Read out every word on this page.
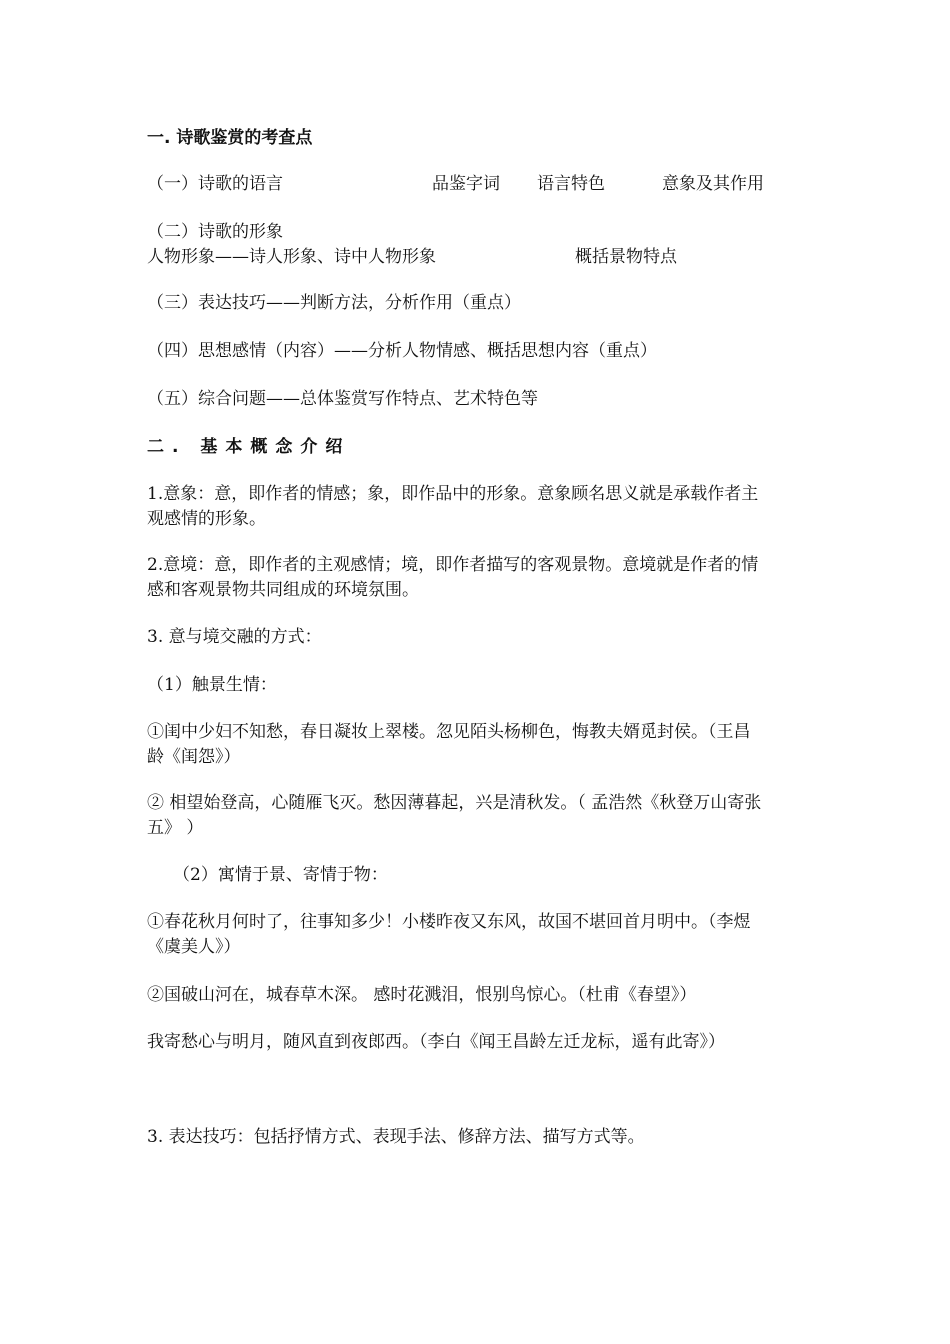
一. 诗歌鉴赏的考查点
（一）诗歌的语言	品鉴字词 语言特色	意象及其作用
（二）诗歌的形象
人物形象——诗人形象、诗中人物形象	概括景物特点
（三）表达技巧——判断方法，分析作用（重点）
（四）思想感情（内容）——分析人物情感、概括思想内容（重点）
（五）综合问题——总体鉴赏写作特点、艺术特色等
二. 基本概念介绍
1.意象：意，即作者的情感；象，即作品中的形象。意象顾名思义就是承载作者主
观感情的形象。
2.意境：意，即作者的主观感情；境，即作者描写的客观景物。意境就是作者的情
感和客观景物共同组成的环境氛围。
3. 意与境交融的方式：
（1）触景生情：
①闺中少妇不知愁，春日凝妆上翠楼。忽见陌头杨柳色，悔教夫婿觅封侯。（王昌
龄《闺怨》）
② 相望始登高，心随雁飞灭。愁因薄暮起，兴是清秋发。（ 孟浩然《秋登万山寄张
五》 ）
（2）寓情于景、寄情于物：
①春花秋月何时了，往事知多少！小楼昨夜又东风，故国不堪回首月明中。（李煜
《虞美人》）
②国破山河在，城春草木深。 感时花溅泪，恨别鸟惊心。（杜甫《春望》）
我寄愁心与明月，随风直到夜郎西。（李白《闻王昌龄左迁龙标，遥有此寄》）
3. 表达技巧：包括抒情方式、表现手法、修辞方法、描写方式等。
